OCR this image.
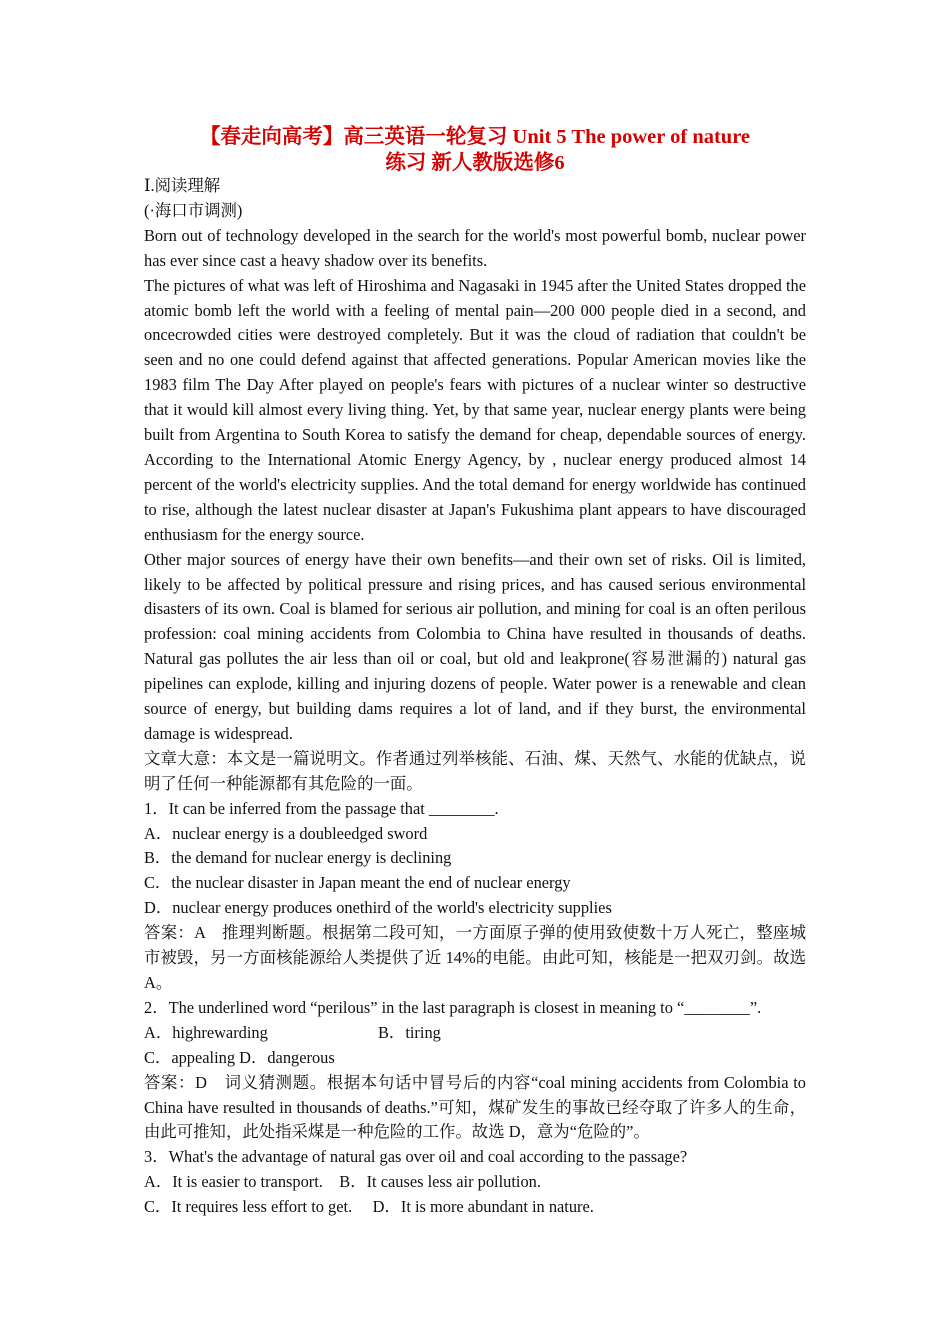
【春走向高考】高三英语一轮复习 Unit 5 The power of nature
练习 新人教版选修6

Ⅰ.阅读理解

(·海口市调测)

Born out of technology developed in the search for the world's most powerful bomb, nuclear power has ever since cast a heavy shadow over its benefits.

The pictures of what was left of Hiroshima and Nagasaki in 1945 after the United States dropped the atomic bomb left the world with a feeling of mental pain—200 000 people died in a second, and oncecrowded cities were destroyed completely. But it was the cloud of radiation that couldn't be seen and no one could defend against that affected generations. Popular American movies like the 1983 film The Day After played on people's fears with pictures of a nuclear winter so destructive that it would kill almost every living thing. Yet, by that same year, nuclear energy plants were being built from Argentina to South Korea to satisfy the demand for cheap, dependable sources of energy. According to the International Atomic Energy Agency, by , nuclear energy produced almost 14 percent of the world's electricity supplies. And the total demand for energy worldwide has continued to rise, although the latest nuclear disaster at Japan's Fukushima plant appears to have discouraged enthusiasm for the energy source.

Other major sources of energy have their own benefits—and their own set of risks. Oil is limited, likely to be affected by political pressure and rising prices, and has caused serious environmental disasters of its own. Coal is blamed for serious air pollution, and mining for coal is an often perilous profession: coal mining accidents from Colombia to China have resulted in thousands of deaths. Natural gas pollutes the air less than oil or coal, but old and leakprone(容易泄漏的) natural gas pipelines can explode, killing and injuring dozens of people. Water power is a renewable and clean source of energy, but building dams requires a lot of land, and if they burst, the environmental damage is widespread.

文章大意：本文是一篇说明文。作者通过列举核能、石油、煤、天然气、水能的优缺点，说明了任何一种能源都有其危险的一面。

1．It can be inferred from the passage that ________.

A．nuclear energy is a doubleedged sword

B．the demand for nuclear energy is declining

C．the nuclear disaster in Japan meant the end of nuclear energy

D．nuclear energy produces onethird of the world's electricity supplies

答案：A　推理判断题。根据第二段可知，一方面原子弹的使用致使数十万人死亡，整座城市被毁，另一方面核能源给人类提供了近 14%的电能。由此可知，核能是一把双刃剑。故选 A。

2．The underlined word “perilous” in the last paragraph is closest in meaning to “________”.

A．highrewarding	B．tiring

C．appealing D．dangerous

答案：D　词义猜测题。根据本句话中冒号后的内容“coal mining accidents from Colombia to China have resulted in thousands of deaths.”可知，煤矿发生的事故已经夺取了许多人的生命，由此可推知，此处指采煤是一种危险的工作。故选 D，意为“危险的”。

3．What's the advantage of natural gas over oil and coal according to the passage?

A．It is easier to transport.　B．It causes less air pollution.

C．It requires less effort to get.　 D．It is more abundant in nature.
